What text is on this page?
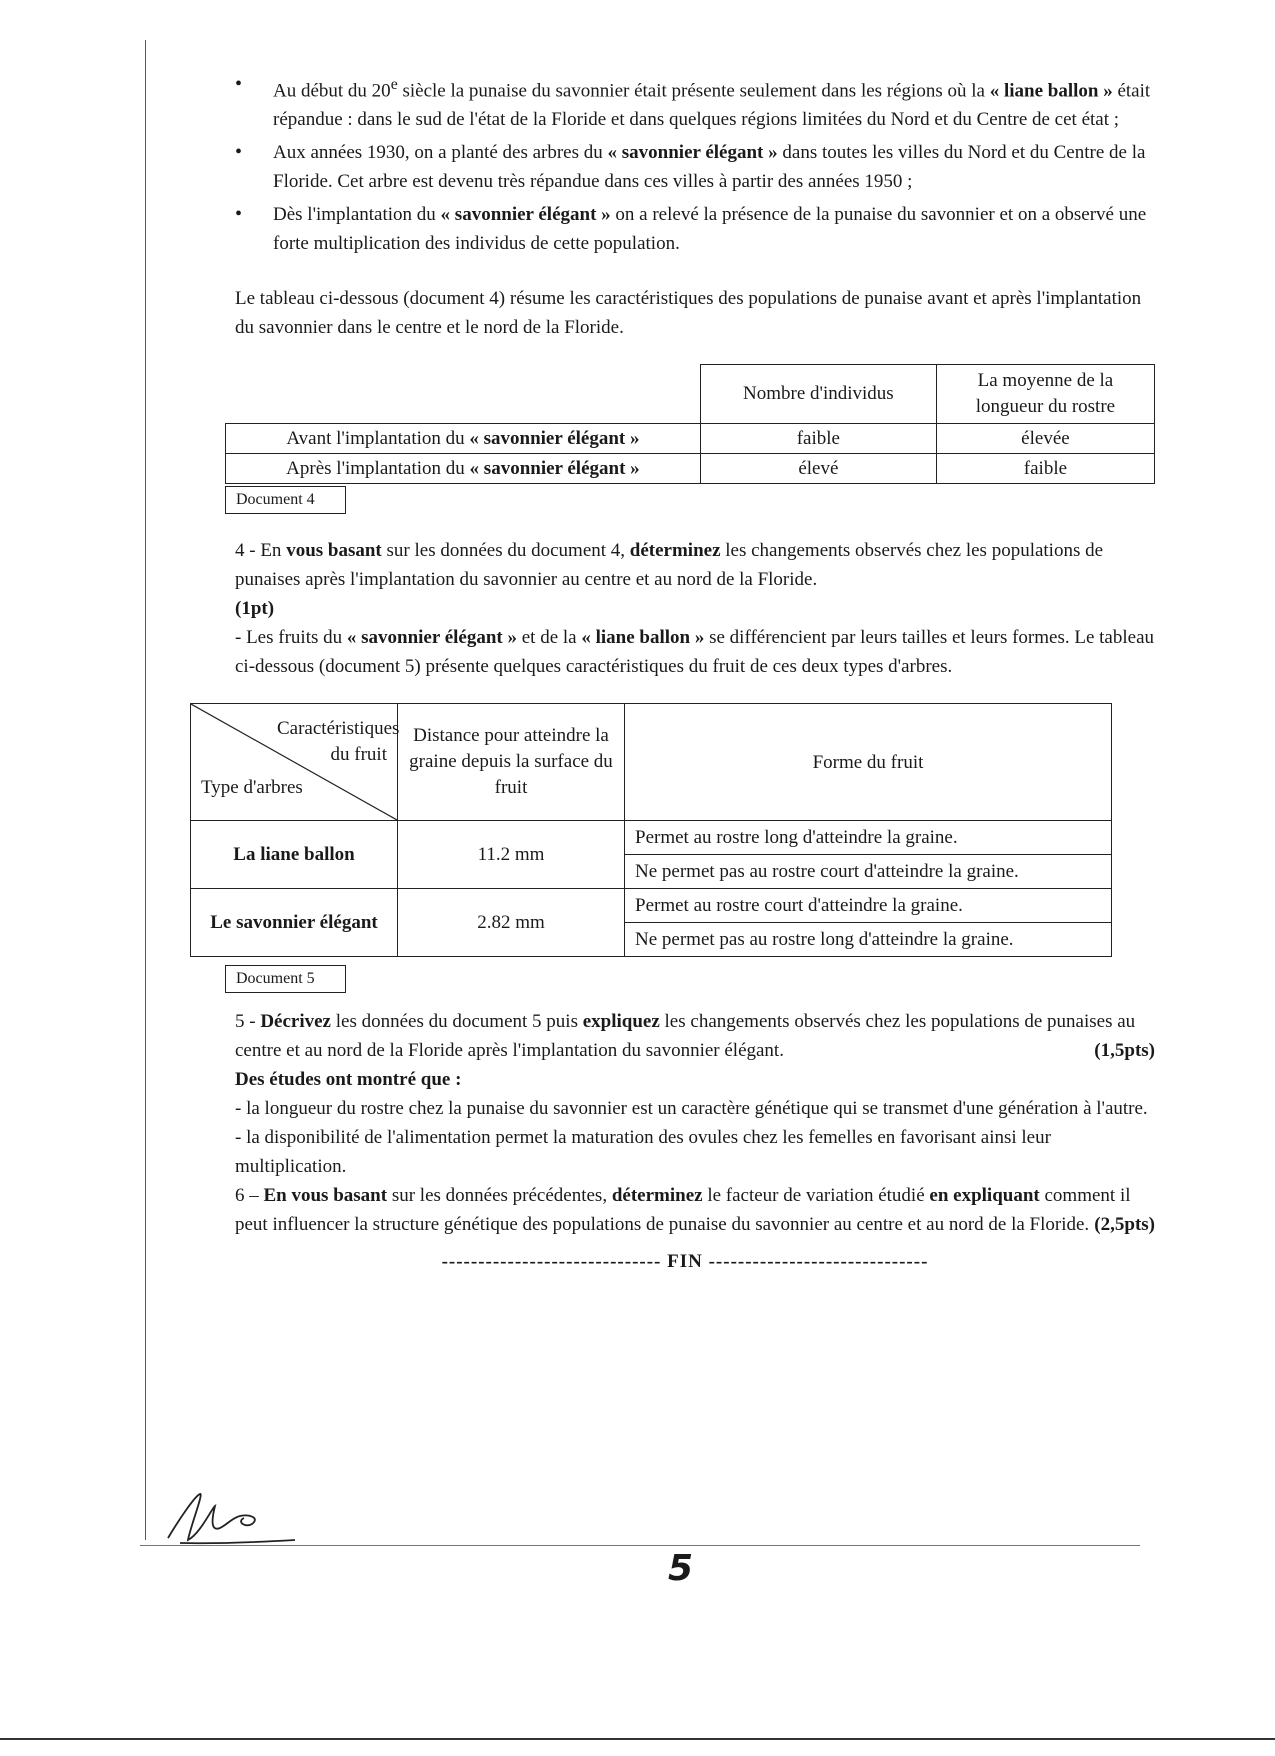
• Au début du 20e siècle la punaise du savonnier était présente seulement dans les régions où la « liane ballon » était répandue : dans le sud de l'état de la Floride et dans quelques régions limitées du Nord et du Centre de cet état ;
• Aux années 1930, on a planté des arbres du « savonnier élégant » dans toutes les villes du Nord et du Centre de la Floride. Cet arbre est devenu très répandue dans ces villes à partir des années 1950 ;
• Dès l'implantation du « savonnier élégant » on a relevé la présence de la punaise du savonnier et on a observé une forte multiplication des individus de cette population.

Le tableau ci-dessous (document 4) résume les caractéristiques des populations de punaise avant et après l'implantation du savonnier dans le centre et le nord de la Floride.

	Nombre d'individus	La moyenne de la longueur du rostre
Avant l'implantation du « savonnier élégant »	faible	élevée
Après l'implantation du « savonnier élégant »	élevé	faible
Document 4

4 - En vous basant sur les données du document 4, déterminez les changements observés chez les populations de punaises après l'implantation du savonnier au centre et au nord de la Floride.
(1pt)

- Les fruits du « savonnier élégant » et de la « liane ballon » se différencient par leurs tailles et leurs formes. Le tableau ci-dessous (document 5) présente quelques caractéristiques du fruit de ces deux types d'arbres.

Caractéristiques du fruit
Type d'arbres	Distance pour atteindre la graine depuis la surface du fruit	Forme du fruit
La liane ballon	11.2 mm	Permet au rostre long d'atteindre la graine.
		Ne permet pas au rostre court d'atteindre la graine.
Le savonnier élégant	2.82 mm	Permet au rostre court d'atteindre la graine.
		Ne permet pas au rostre long d'atteindre la graine.
Document 5

5 - Décrivez les données du document 5 puis expliquez les changements observés chez les populations de punaises au centre et au nord de la Floride après l'implantation du savonnier élégant.	(1,5pts)

Des études ont montré que :

- la longueur du rostre chez la punaise du savonnier est un caractère génétique qui se transmet d'une génération à l'autre.

- la disponibilité de l'alimentation permet la maturation des ovules chez les femelles en favorisant ainsi leur multiplication.

6 – En vous basant sur les données précédentes, déterminez le facteur de variation étudié en expliquant comment il peut influencer la structure génétique des populations de punaise du savonnier au centre et au nord de la Floride. (2,5pts)

------------------------------ FIN ------------------------------

5
